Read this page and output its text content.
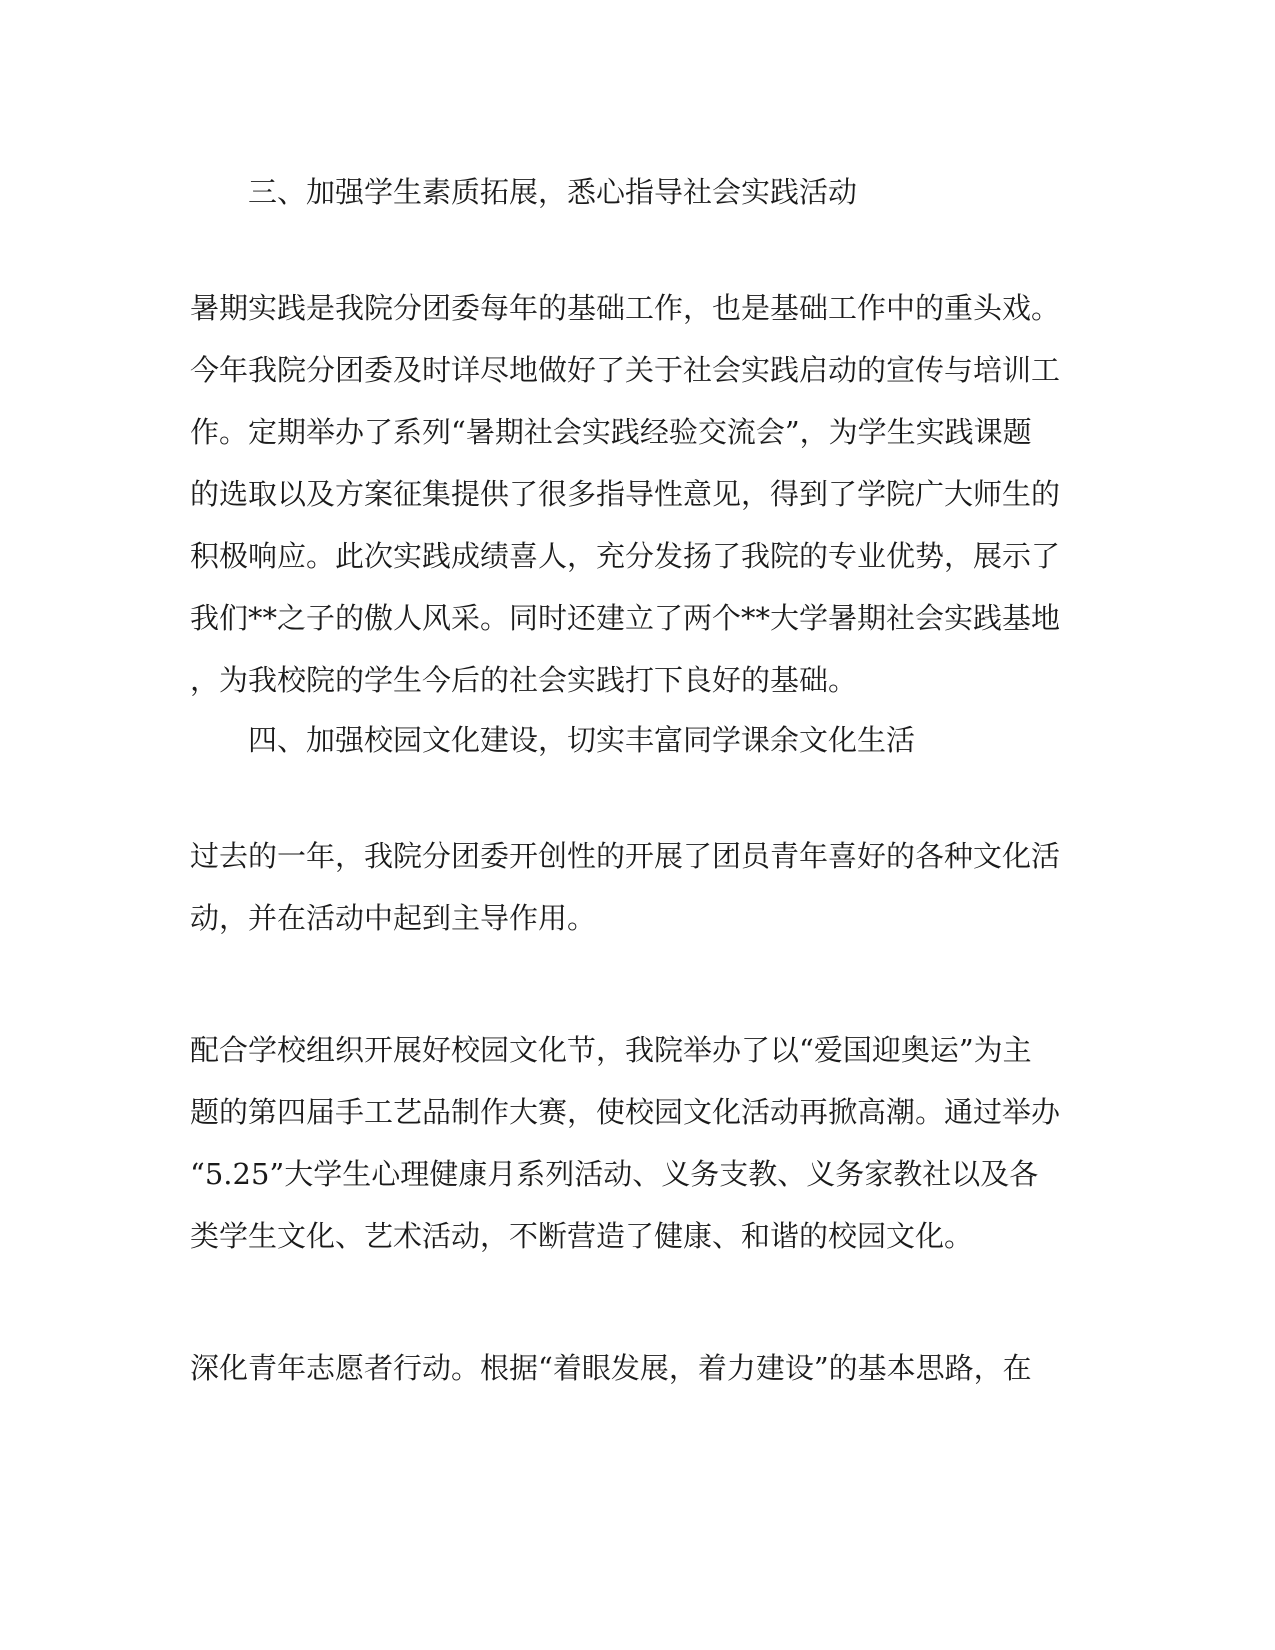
三、加强学生素质拓展，悉心指导社会实践活动
暑期实践是我院分团委每年的基础工作，也是基础工作中的重头戏。
今年我院分团委及时详尽地做好了关于社会实践启动的宣传与培训工
作。定期举办了系列“暑期社会实践经验交流会”，为学生实践课题
的选取以及方案征集提供了很多指导性意见，得到了学院广大师生的
积极响应。此次实践成绩喜人，充分发扬了我院的专业优势，展示了
我们**之子的傲人风采。同时还建立了两个**大学暑期社会实践基地
，为我校院的学生今后的社会实践打下良好的基础。
四、加强校园文化建设，切实丰富同学课余文化生活
过去的一年，我院分团委开创性的开展了团员青年喜好的各种文化活
动，并在活动中起到主导作用。
配合学校组织开展好校园文化节，我院举办了以“爱国迎奥运”为主
题的第四届手工艺品制作大赛，使校园文化活动再掀高潮。通过举办
“5.25”大学生心理健康月系列活动、义务支教、义务家教社以及各
类学生文化、艺术活动，不断营造了健康、和谐的校园文化。
深化青年志愿者行动。根据“着眼发展，着力建设”的基本思路，在
